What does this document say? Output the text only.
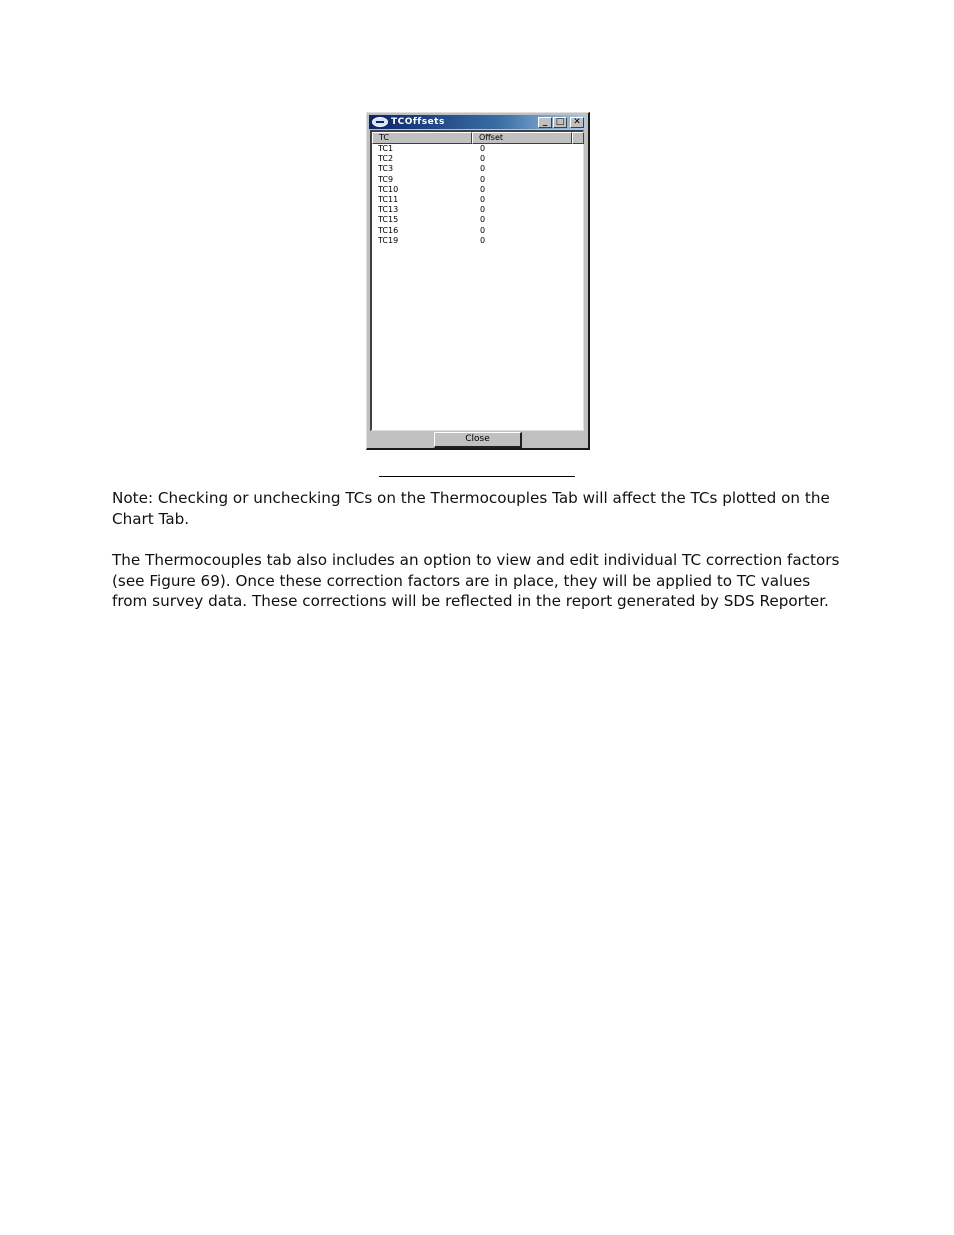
TCOffsets	_ □ ✕
TC	Offset
TC1	0
TC2	0
TC3	0
TC9	0
TC10	0
TC11	0
TC13	0
TC15	0
TC16	0
TC19	0
Close

Note: Checking or unchecking TCs on the Thermocouples Tab will affect the TCs plotted on the Chart Tab.

The Thermocouples tab also includes an option to view and edit individual TC correction factors (see Figure 69). Once these correction factors are in place, they will be applied to TC values from survey data. These corrections will be reflected in the report generated by SDS Reporter.
